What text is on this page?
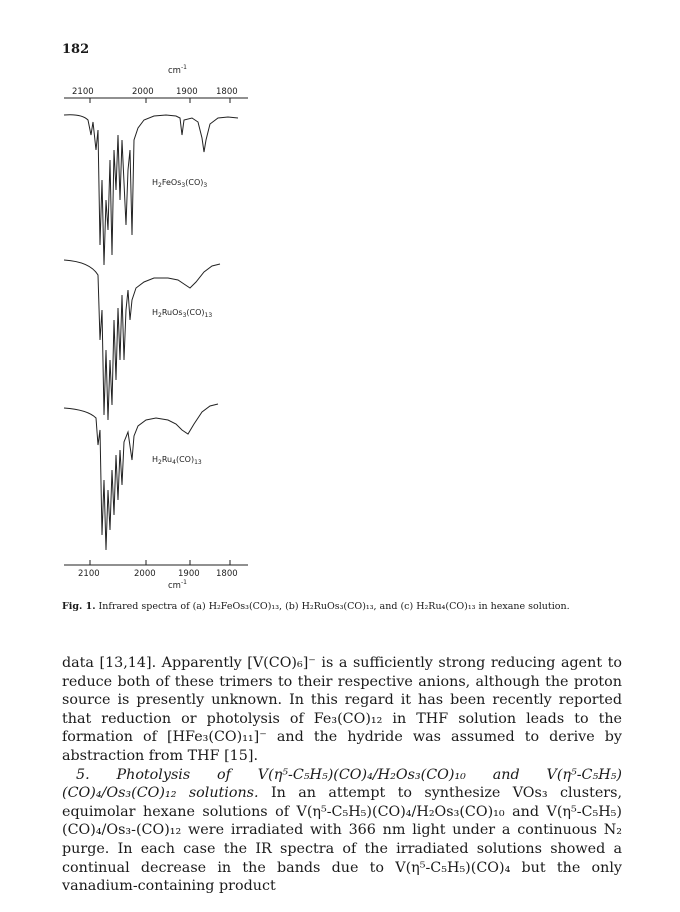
182
$cm^{-1}$
2100	2000	1900 1800
$H_2FeOs_3(CO)_3$
$H_2RuOs_3(CO)_{13}$
$H_2Ru_4(CO)_{13}$
2100	2000	1900 1800
$cm^{-1}$
Fig. 1. Infrared spectra of (a) H₂FeOs₃(CO)₁₃, (b) H₂RuOs₃(CO)₁₃, and (c) H₂Ru₄(CO)₁₃ in hexane solution.

data [13,14]. Apparently [V(CO)₆]⁻ is a sufficiently strong reducing agent to reduce both of these trimers to their respective anions, although the proton source is presently unknown. In this regard it has been recently reported that reduction or photolysis of Fe₃(CO)₁₂ in THF solution leads to the formation of [HFe₃(CO)₁₁]⁻ and the hydride was assumed to derive by abstraction from THF [15].

5. Photolysis of V(η⁵-C₅H₅)(CO)₄/H₂Os₃(CO)₁₀ and V(η⁵-C₅H₅)(CO)₄/Os₃(CO)₁₂ solutions. In an attempt to synthesize VOs₃ clusters, equimolar hexane solutions of V(η⁵-C₅H₅)(CO)₄/H₂Os₃(CO)₁₀ and V(η⁵-C₅H₅)(CO)₄/Os₃-(CO)₁₂ were irradiated with 366 nm light under a continuous N₂ purge. In each case the IR spectra of the irradiated solutions showed a continual decrease in the bands due to V(η⁵-C₅H₅)(CO)₄ but the only vanadium-containing product
